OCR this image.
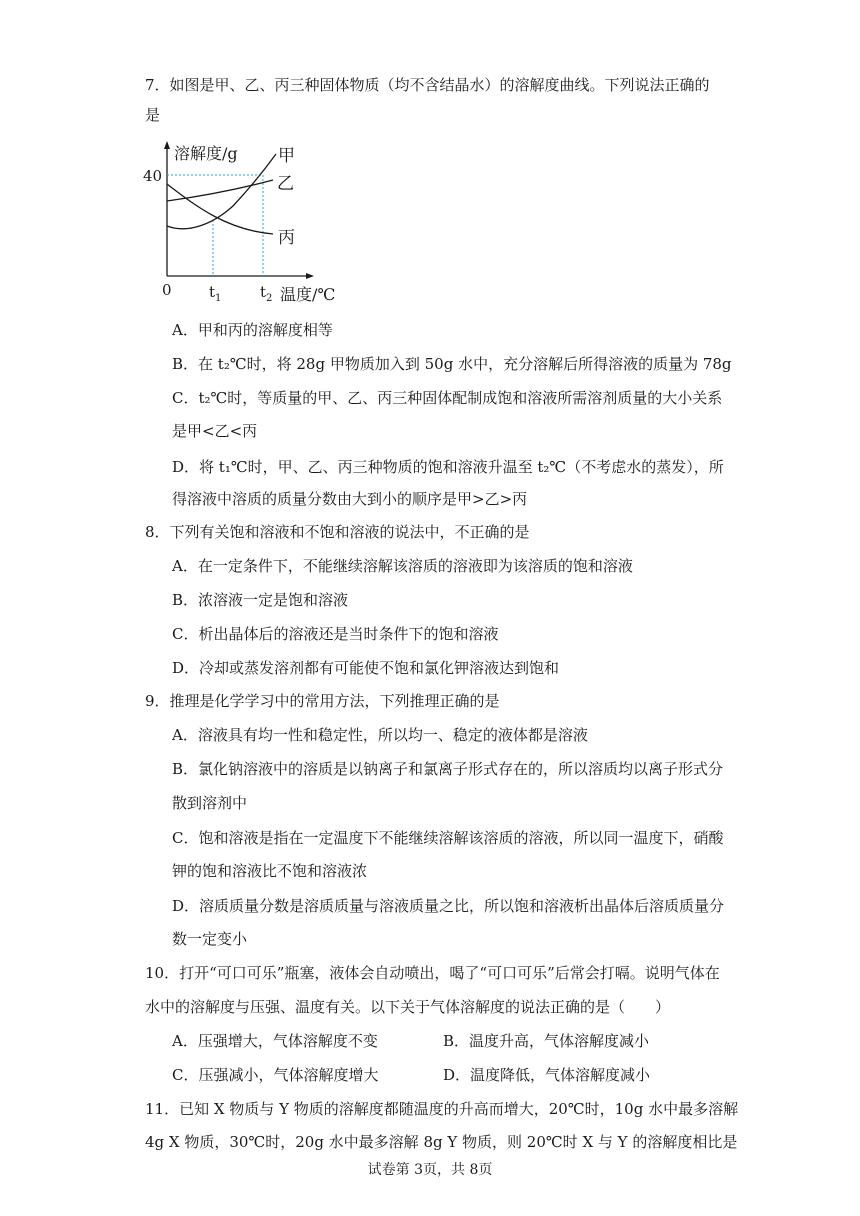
7．如图是甲、乙、丙三种固体物质（均不含结晶水）的溶解度曲线。下列说法正确的
是
溶解度/g
40
0 $t_1$	$t_2$ 温度/℃
甲
乙
丙
A．甲和丙的溶解度相等
B．在 t₂℃时，将 28g 甲物质加入到 50g 水中，充分溶解后所得溶液的质量为 78g
C．t₂℃时，等质量的甲、乙、丙三种固体配制成饱和溶液所需溶剂质量的大小关系
是甲<乙<丙
D．将 t₁℃时，甲、乙、丙三种物质的饱和溶液升温至 t₂℃（不考虑水的蒸发），所
得溶液中溶质的质量分数由大到小的顺序是甲>乙>丙
8．下列有关饱和溶液和不饱和溶液的说法中，不正确的是
A．在一定条件下，不能继续溶解该溶质的溶液即为该溶质的饱和溶液
B．浓溶液一定是饱和溶液
C．析出晶体后的溶液还是当时条件下的饱和溶液
D．冷却或蒸发溶剂都有可能使不饱和氯化钾溶液达到饱和
9．推理是化学学习中的常用方法，下列推理正确的是
A．溶液具有均一性和稳定性，所以均一、稳定的液体都是溶液
B．氯化钠溶液中的溶质是以钠离子和氯离子形式存在的，所以溶质均以离子形式分
散到溶剂中
C．饱和溶液是指在一定温度下不能继续溶解该溶质的溶液，所以同一温度下，硝酸
钾的饱和溶液比不饱和溶液浓
D．溶质质量分数是溶质质量与溶液质量之比，所以饱和溶液析出晶体后溶质质量分
数一定变小
10．打开“可口可乐”瓶塞，液体会自动喷出，喝了“可口可乐”后常会打嗝。说明气体在
水中的溶解度与压强、温度有关。以下关于气体溶解度的说法正确的是（　　）
A．压强增大，气体溶解度不变	B．温度升高，气体溶解度减小
C．压强减小，气体溶解度增大	D．温度降低，气体溶解度减小
11．已知 X 物质与 Y 物质的溶解度都随温度的升高而增大，20℃时，10g 水中最多溶解
4g X 物质，30℃时，20g 水中最多溶解 8g Y 物质，则 20℃时 X 与 Y 的溶解度相比是
试卷第 3页，共 8页
